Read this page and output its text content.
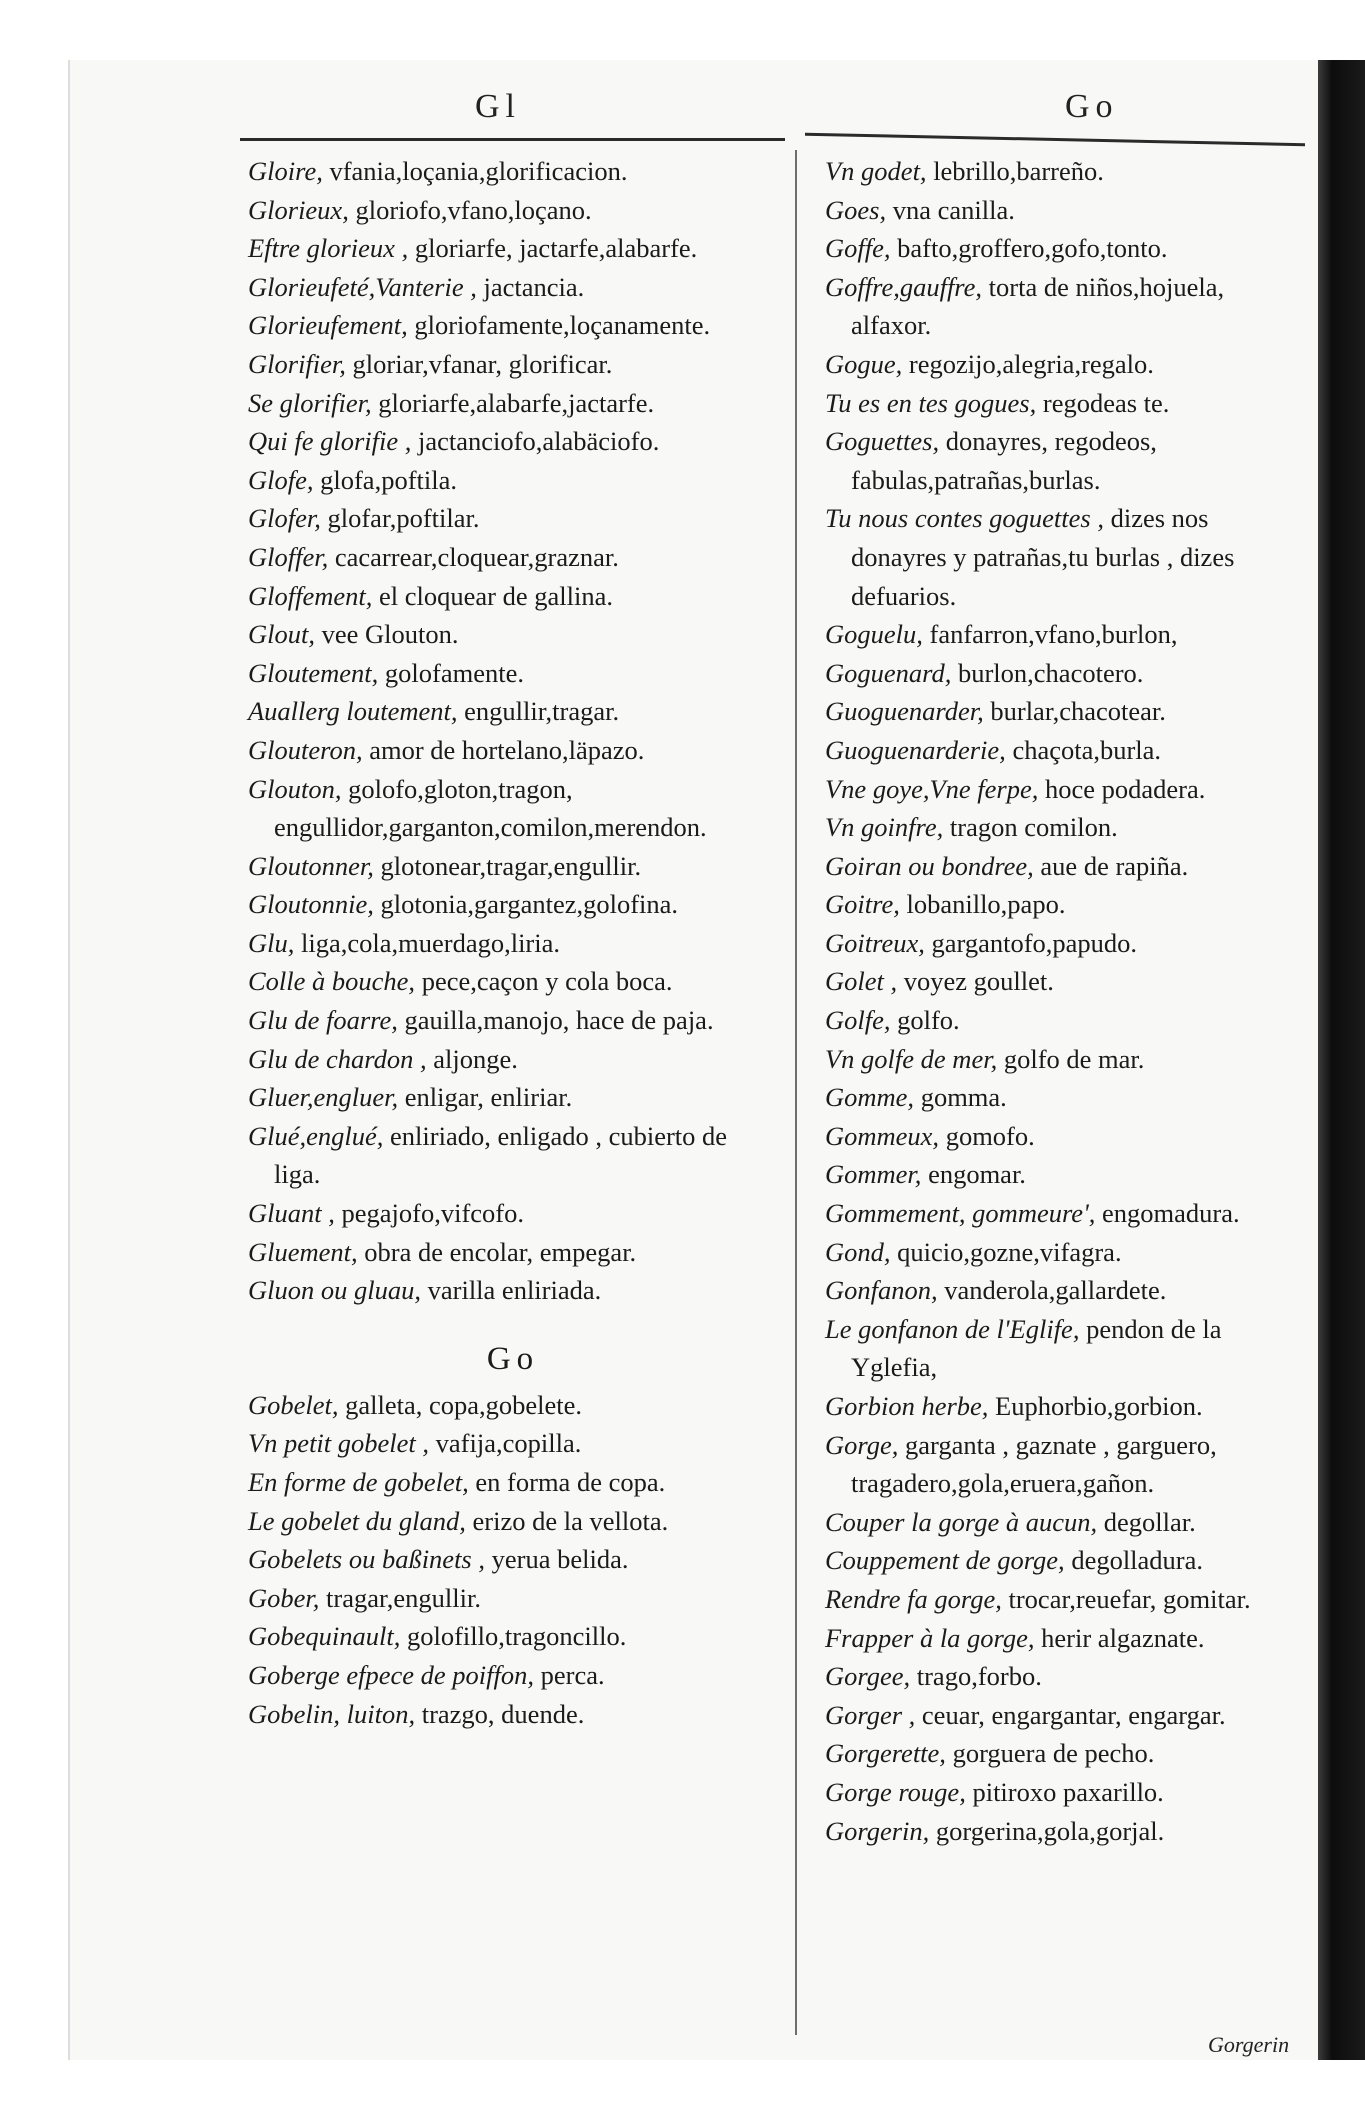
Gl	Go

Gloire, vfania,loçania,glorificacion.

Glorieux, gloriofo,vfano,loçano.

Eftre glorieux , gloriarfe, jactarfe,alabarfe.

Glorieufeté,Vanterie , jactancia.

Glorieufement, gloriofamente,loçanamente.

Glorifier, gloriar,vfanar, glorificar.

Se glorifier, gloriarfe,alabarfe,jactarfe.

Qui fe glorifie , jactanciofo,alabäciofo.

Glofe, glofa,poftila.

Glofer, glofar,poftilar.

Gloffer, cacarrear,cloquear,graznar.

Gloffement, el cloquear de gallina.

Glout, vee Glouton.

Gloutement, golofamente.

Auallerg loutement, engullir,tragar.

Glouteron, amor de hortelano,läpazo.

Glouton, golofo,gloton,tragon, engullidor,garganton,comilon,merendon.

Gloutonner, glotonear,tragar,engullir.

Gloutonnie, glotonia,gargantez,golofina.

Glu, liga,cola,muerdago,liria.

Colle à bouche, pece,caçon y cola boca.

Glu de foarre, gauilla,manojo, hace de paja.

Glu de chardon , aljonge.

Gluer,engluer, enligar, enliriar.

Glué,englué, enliriado, enligado , cubierto de liga.

Gluant , pegajofo,vifcofo.

Gluement, obra de encolar, empegar.

Gluon ou gluau, varilla enliriada.

Go

Gobelet, galleta, copa,gobelete.

Vn petit gobelet , vafija,copilla.

En forme de gobelet, en forma de copa.

Le gobelet du gland, erizo de la vellota.

Gobelets ou baßinets , yerua belida.

Gober, tragar,engullir.

Gobequinault, golofillo,tragoncillo.

Goberge efpece de poiffon, perca.

Gobelin, luiton, trazgo, duende.

Vn godet, lebrillo,barreño.

Goes, vna canilla.

Goffe, bafto,groffero,gofo,tonto.

Goffre,gauffre, torta de niños,hojuela, alfaxor.

Gogue, regozijo,alegria,regalo.

Tu es en tes gogues, regodeas te.

Goguettes, donayres, regodeos, fabulas,patrañas,burlas.

Tu nous contes goguettes , dizes nos donayres y patrañas,tu burlas , dizes defuarios.

Goguelu, fanfarron,vfano,burlon,

Goguenard, burlon,chacotero.

Guoguenarder, burlar,chacotear.

Guoguenarderie, chaçota,burla.

Vne goye,Vne ferpe, hoce podadera.

Vn goinfre, tragon comilon.

Goiran ou bondree, aue de rapiña.

Goitre, lobanillo,papo.

Goitreux, gargantofo,papudo.

Golet , voyez goullet.

Golfe, golfo.

Vn golfe de mer, golfo de mar.

Gomme, gomma.

Gommeux, gomofo.

Gommer, engomar.

Gommement, gommeure', engomadura.

Gond, quicio,gozne,vifagra.

Gonfanon, vanderola,gallardete.

Le gonfanon de l'Eglife, pendon de la Yglefia,

Gorbion herbe, Euphorbio,gorbion.

Gorge, garganta , gaznate , garguero, tragadero,gola,eruera,gañon.

Couper la gorge à aucun, degollar.

Couppement de gorge, degolladura.

Rendre fa gorge, trocar,reuefar, gomitar.

Frapper à la gorge, herir algaznate.

Gorgee, trago,forbo.

Gorger , ceuar, engargantar, engargar.

Gorgerette, gorguera de pecho.

Gorge rouge, pitiroxo paxarillo.

Gorgerin, gorgerina,gola,gorjal.

Gorgerin
